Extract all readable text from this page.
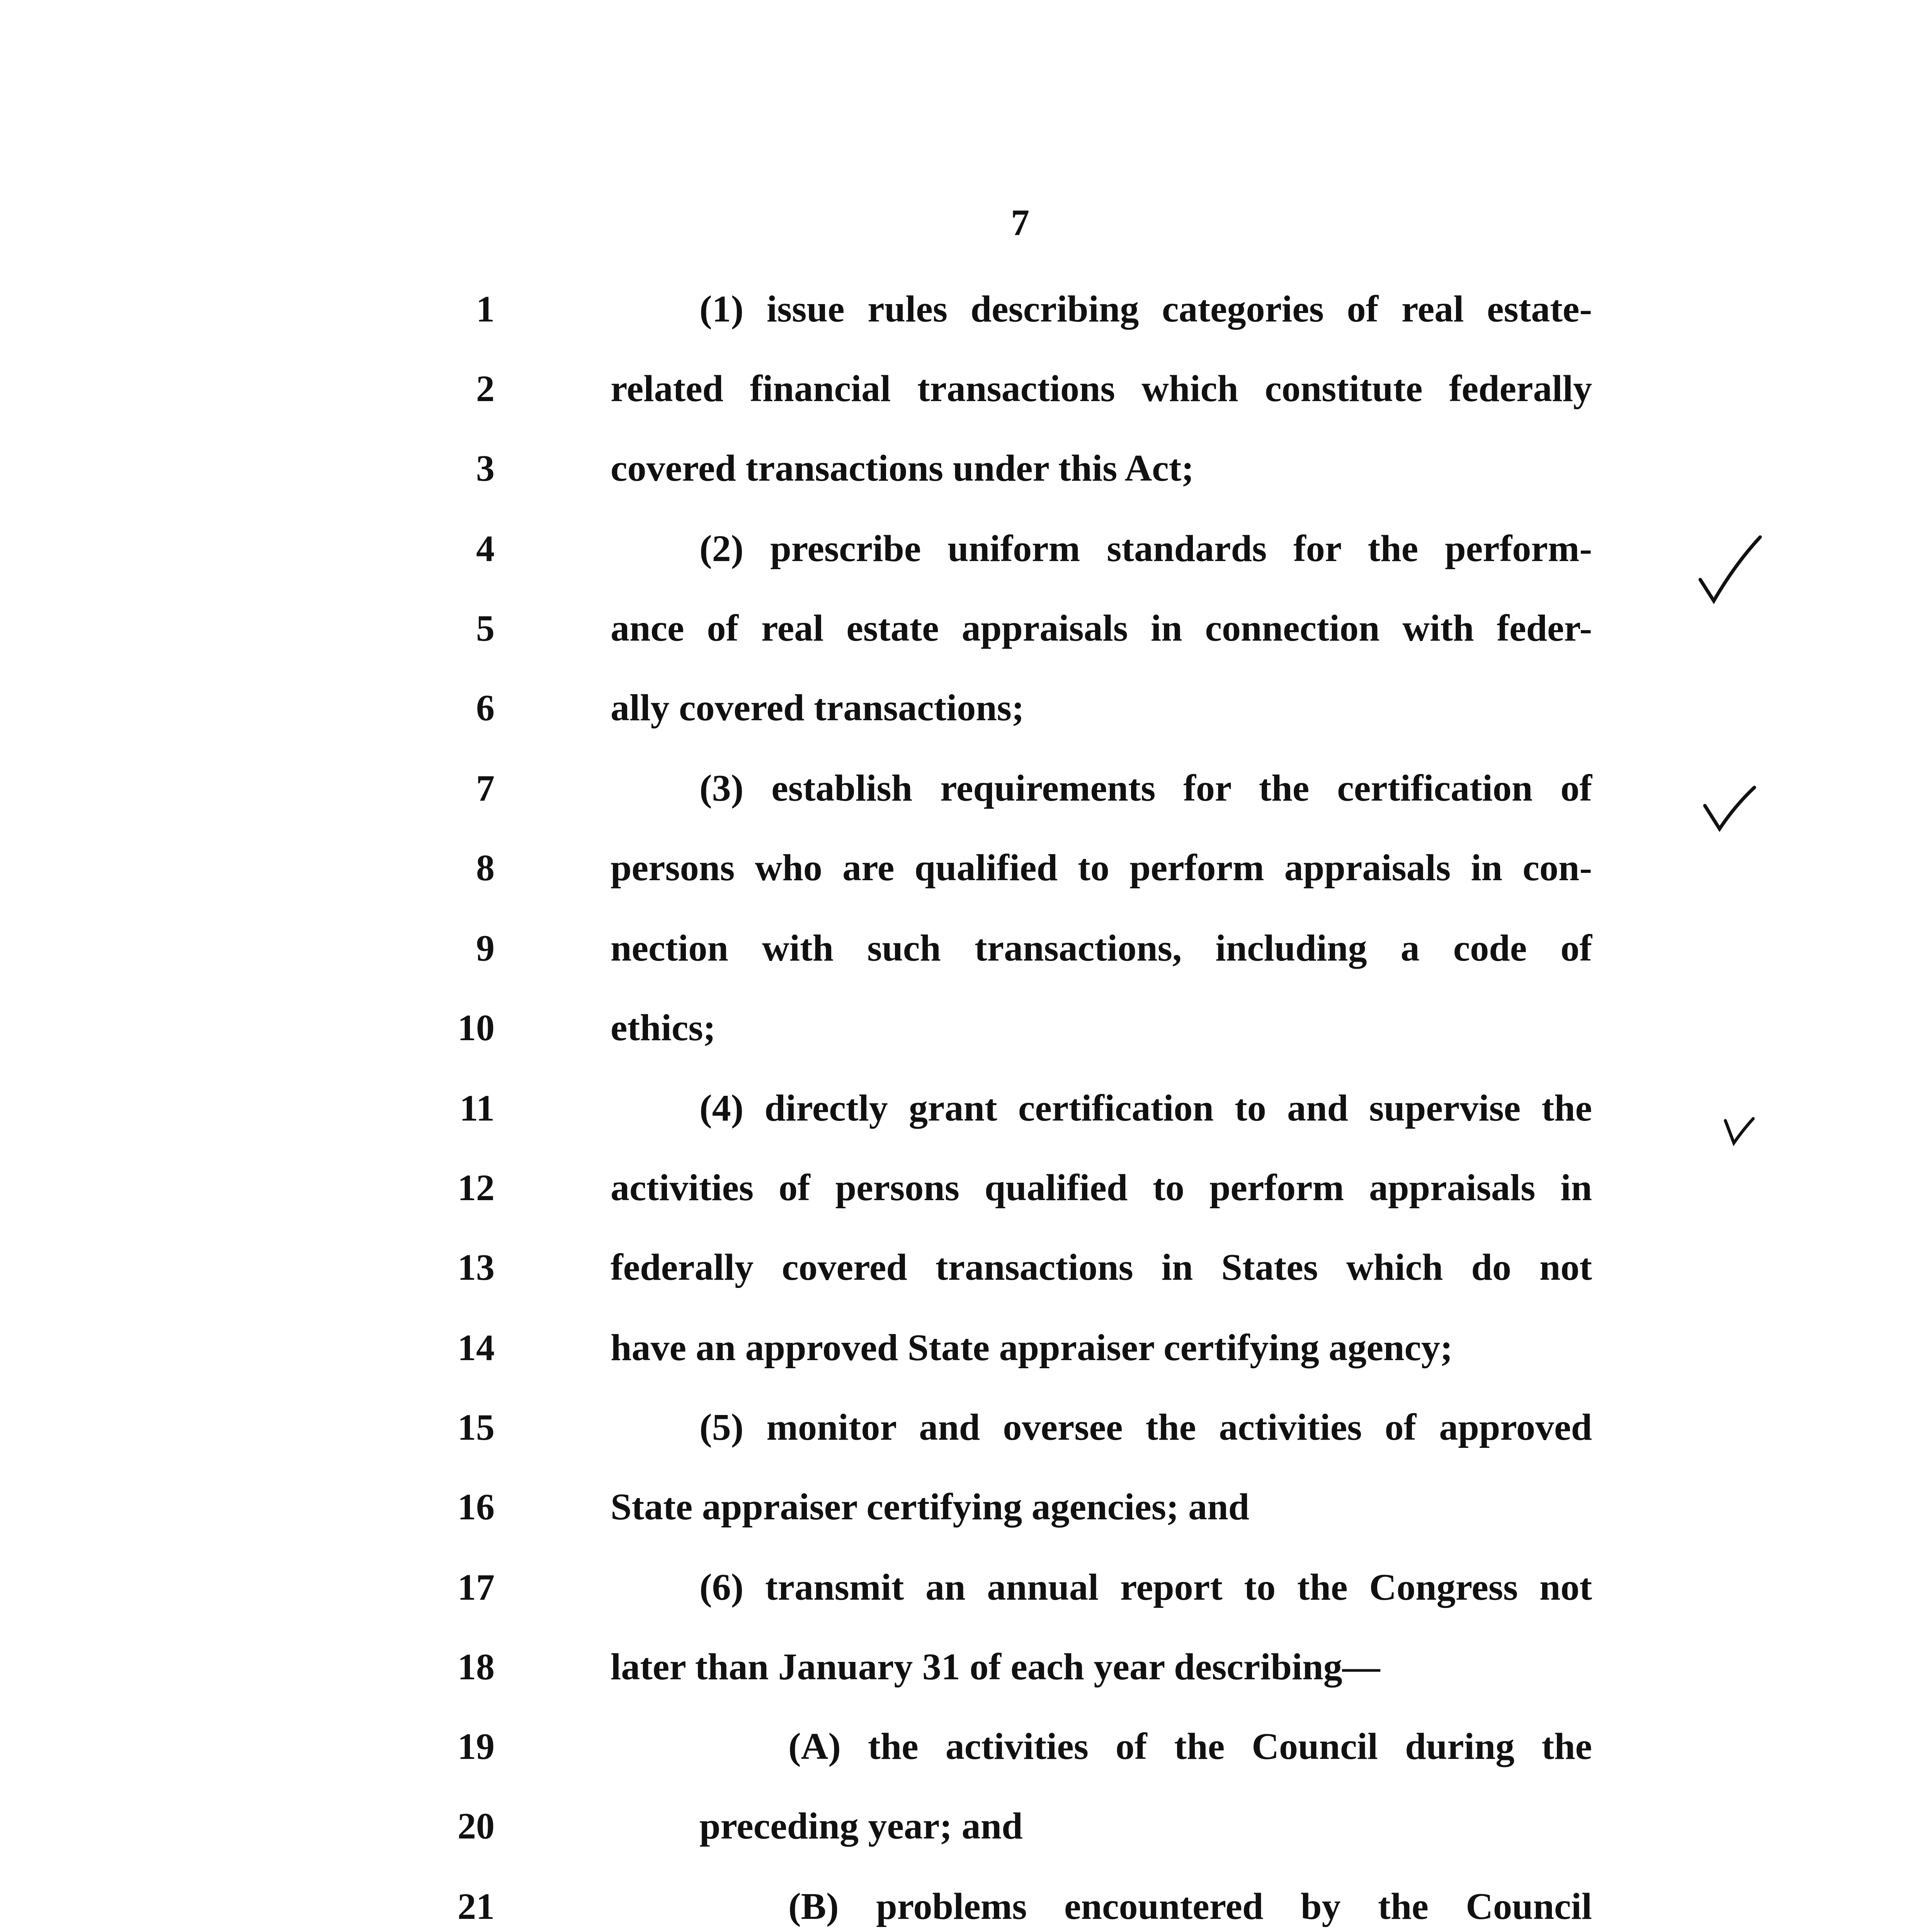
7
1	(1) issue rules describing categories of real estate-
2	related financial transactions which constitute federally
3	covered transactions under this Act;
4	(2) prescribe uniform standards for the perform-
5	ance of real estate appraisals in connection with feder-
6	ally covered transactions;
7	(3) establish requirements for the certification of
8	persons who are qualified to perform appraisals in con-
9	nection with such transactions, including a code of
10	ethics;
11	(4) directly grant certification to and supervise the
12	activities of persons qualified to perform appraisals in
13	federally covered transactions in States which do not
14	have an approved State appraiser certifying agency;
15	(5) monitor and oversee the activities of approved
16	State appraiser certifying agencies; and
17	(6) transmit an annual report to the Congress not
18	later than January 31 of each year describing—
19	(A) the activities of the Council during the
20	preceding year; and
21	(B) problems encountered by the Council
